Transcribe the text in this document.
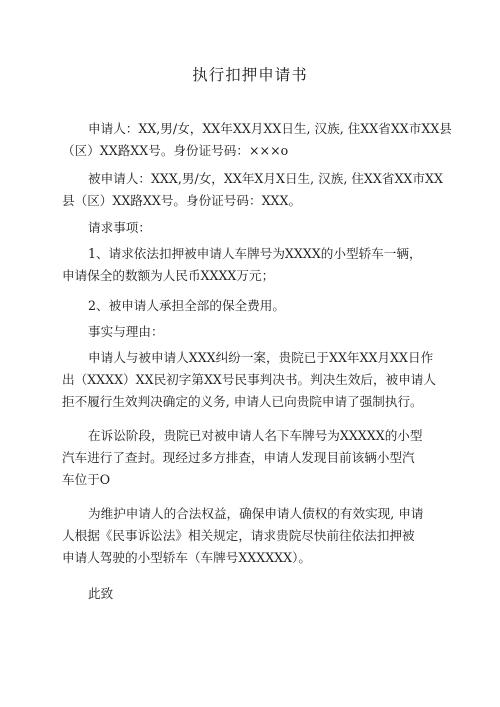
执行扣押申请书
申请人：XX,男/女，XX年XX月XX日生, 汉族, 住XX省XX市XX县
（区）XX路XX号。身份证号码：×××o
被申请人：XXX,男/女，XX年X月X日生, 汉族, 住XX省XX市XX
县（区）XX路XX号。身份证号码：XXX。
请求事项：
1、请求依法扣押被申请人车牌号为XXXX的小型轿车一辆，
申请保全的数额为人民币XXXX万元；
2、被申请人承担全部的保全费用。
事实与理由：
申请人与被申请人XXX纠纷一案，贵院已于XX年XX月XX日作
出（XXXX）XX民初字第XX号民事判决书。判决生效后，被申请人
拒不履行生效判决确定的义务, 申请人已向贵院申请了强制执行。
在诉讼阶段，贵院已对被申请人名下车牌号为XXXXX的小型
汽车进行了查封。现经过多方排查，申请人发现目前该辆小型汽
车位于O
为维护申请人的合法权益，确保申请人债权的有效实现, 申请
人根据《民事诉讼法》相关规定，请求贵院尽快前往依法扣押被
申请人驾驶的小型轿车（车牌号XXXXXX）。
此致
